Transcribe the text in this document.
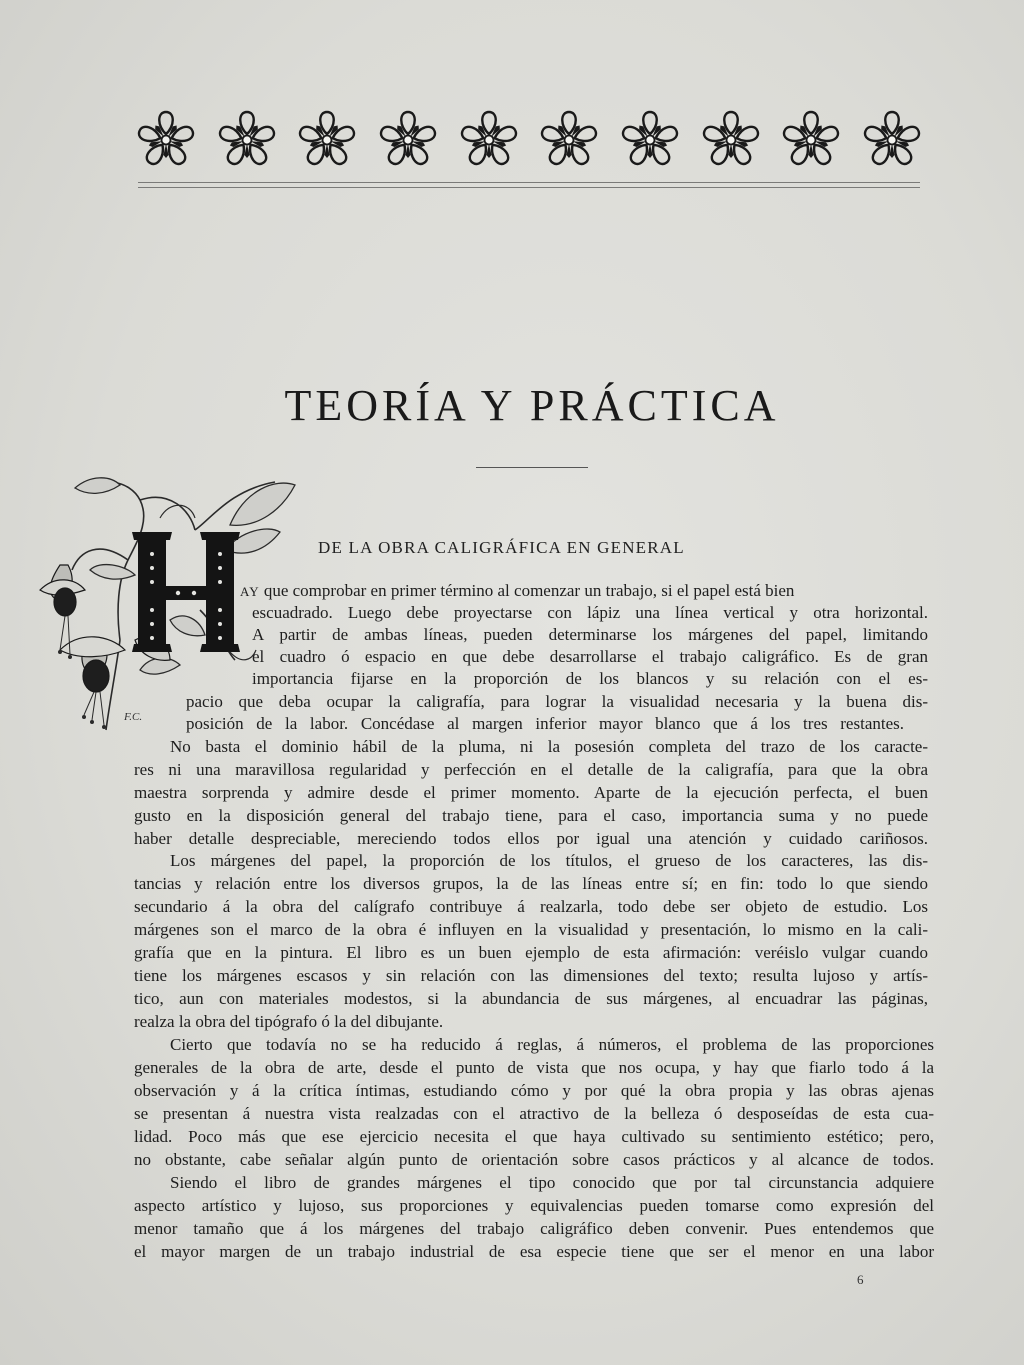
TEORÍA Y PRÁCTICA
F.C.
DE LA OBRA CALIGRÁFICA EN GENERAL

AY que comprobar en primer término al comenzar un trabajo, si el papel está bien

escuadrado. Luego debe proyectarse con lápiz una línea vertical y otra horizontal.

A partir de ambas líneas, pueden determinarse los márgenes del papel, limitando

el cuadro ó espacio en que debe desarrollarse el trabajo caligráfico. Es de gran

importancia fijarse en la proporción de los blancos y su relación con el es-

pacio que deba ocupar la caligrafía, para lograr la visualidad necesaria y la buena dis-

posición de la labor. Concédase al margen inferior mayor blanco que á los tres restantes.

No basta el dominio hábil de la pluma, ni la posesión completa del trazo de los caracte-

res ni una maravillosa regularidad y perfección en el detalle de la caligrafía, para que la obra

maestra sorprenda y admire desde el primer momento. Aparte de la ejecución perfecta, el buen

gusto en la disposición general del trabajo tiene, para el caso, importancia suma y no puede

haber detalle despreciable, mereciendo todos ellos por igual una atención y cuidado cariñosos.

Los márgenes del papel, la proporción de los títulos, el grueso de los caracteres, las dis-

tancias y relación entre los diversos grupos, la de las líneas entre sí; en fin: todo lo que siendo

secundario á la obra del calígrafo contribuye á realzarla, todo debe ser objeto de estudio. Los

márgenes son el marco de la obra é influyen en la visualidad y presentación, lo mismo en la cali-

grafía que en la pintura. El libro es un buen ejemplo de esta afirmación: veréislo vulgar cuando

tiene los márgenes escasos y sin relación con las dimensiones del texto; resulta lujoso y artís-

tico, aun con materiales modestos, si la abundancia de sus márgenes, al encuadrar las páginas,

realza la obra del tipógrafo ó la del dibujante.

Cierto que todavía no se ha reducido á reglas, á números, el problema de las proporciones

generales de la obra de arte, desde el punto de vista que nos ocupa, y hay que fiarlo todo á la

observación y á la crítica íntimas, estudiando cómo y por qué la obra propia y las obras ajenas

se presentan á nuestra vista realzadas con el atractivo de la belleza ó desposeídas de esta cua-

lidad. Poco más que ese ejercicio necesita el que haya cultivado su sentimiento estético; pero,

no obstante, cabe señalar algún punto de orientación sobre casos prácticos y al alcance de todos.

Siendo el libro de grandes márgenes el tipo conocido que por tal circunstancia adquiere

aspecto artístico y lujoso, sus proporciones y equivalencias pueden tomarse como expresión del

menor tamaño que á los márgenes del trabajo caligráfico deben convenir. Pues entendemos que

el mayor margen de un trabajo industrial de esa especie tiene que ser el menor en una labor

6
